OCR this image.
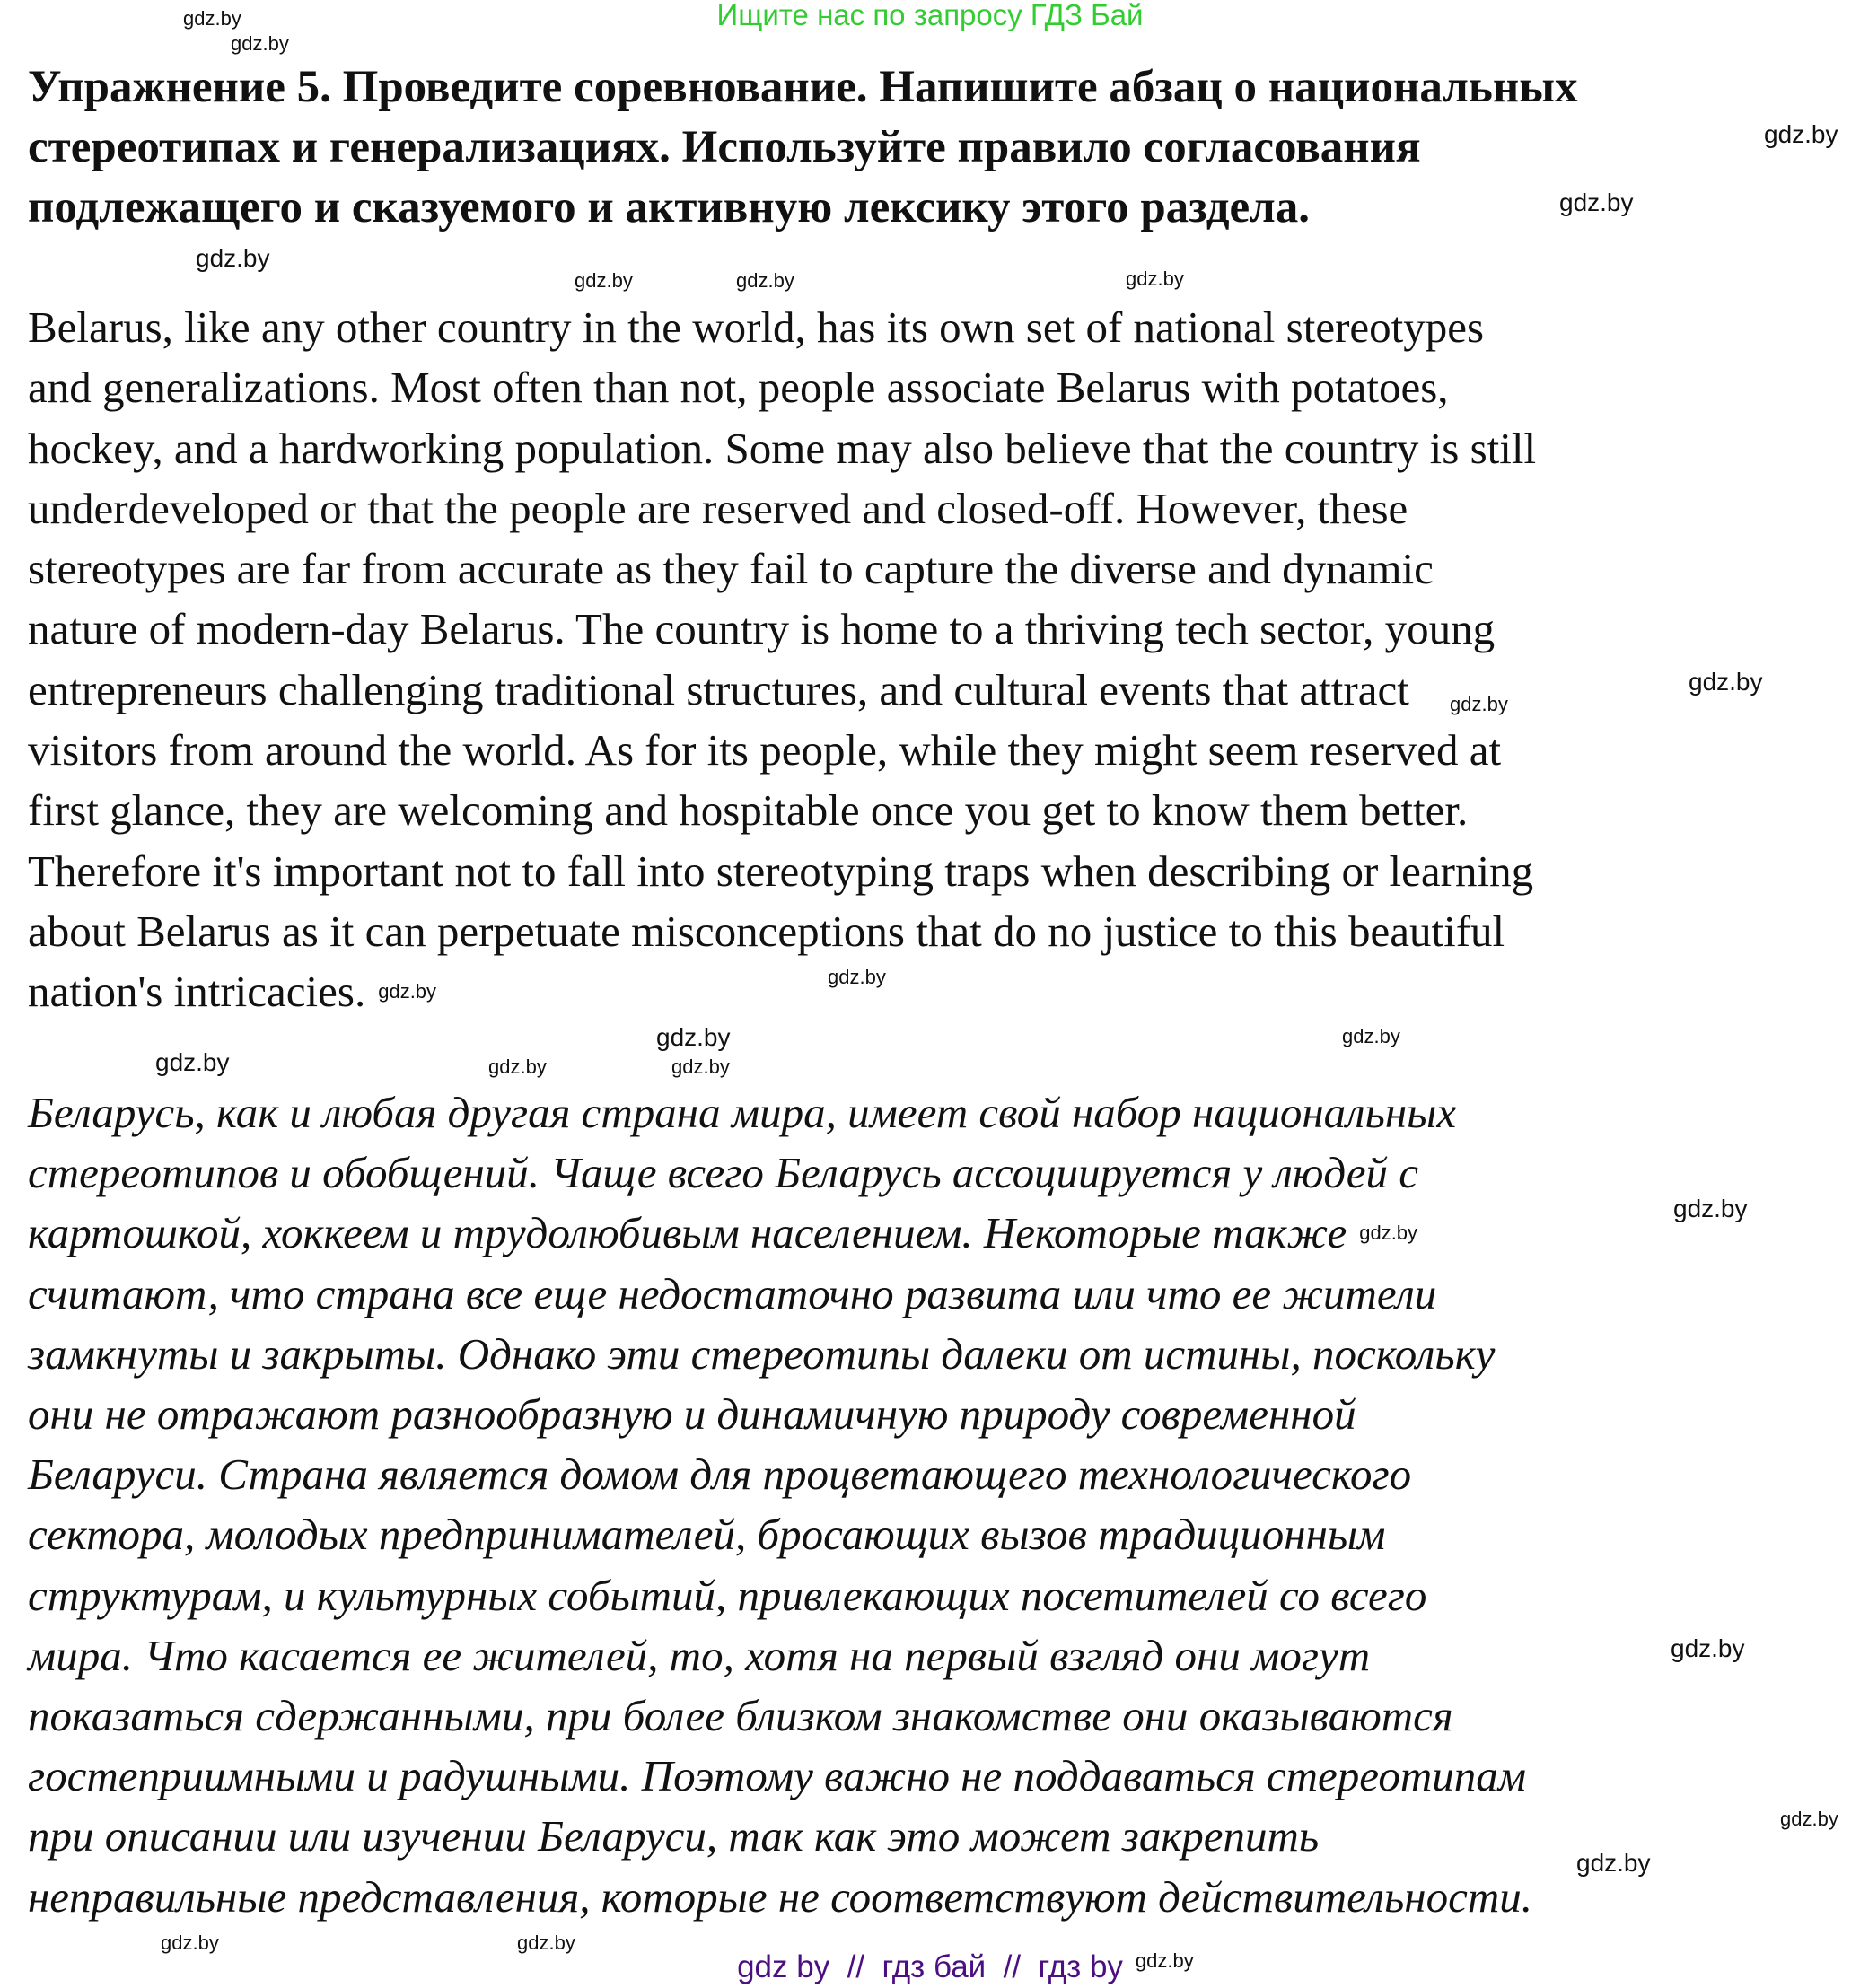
Ищите нас по запросу ГДЗ Бай
Упражнение 5. Проведите соревнование. Напишите абзац о национальных
стереотипах и генерализациях. Используйте правило согласования
подлежащего и сказуемого и активную лексику этого раздела.
Belarus, like any other country in the world, has its own set of national stereotypes
and generalizations. Most often than not, people associate Belarus with potatoes,
hockey, and a hardworking population. Some may also believe that the country is still
underdeveloped or that the people are reserved and closed-off. However, these
stereotypes are far from accurate as they fail to capture the diverse and dynamic
nature of modern-day Belarus. The country is home to a thriving tech sector, young
entrepreneurs challenging traditional structures, and cultural events that attract
visitors from around the world. As for its people, while they might seem reserved at
first glance, they are welcoming and hospitable once you get to know them better.
Therefore it's important not to fall into stereotyping traps when describing or learning
about Belarus as it can perpetuate misconceptions that do no justice to this beautiful
nation's intricacies.
Беларусь, как и любая другая страна мира, имеет свой набор национальных
стереотипов и обобщений. Чаще всего Беларусь ассоциируется у людей с
картошкой, хоккеем и трудолюбивым населением. Некоторые также
считают, что страна все еще недостаточно развита или что ее жители
замкнуты и закрыты. Однако эти стереотипы далеки от истины, поскольку
они не отражают разнообразную и динамичную природу современной
Беларуси. Страна является домом для процветающего технологического
сектора, молодых предпринимателей, бросающих вызов традиционным
структурам, и культурных событий, привлекающих посетителей со всего
мира. Что касается ее жителей, то, хотя на первый взгляд они могут
показаться сдержанными, при более близком знакомстве они оказываются
гостеприимными и радушными. Поэтому важно не поддаваться стереотипам
при описании или изучении Беларуси, так как это может закрепить
неправильные представления, которые не соответствуют действительности.
gdz.by
gdz.by
gdz.by
gdz.by
gdz.by
gdz.by
gdz.by
gdz.by
gdz.by
gdz.by
gdz.by
gdz.by
gdz.by
gdz.by
gdz.by
gdz.by
gdz.by
gdz.by
gdz.by
gdz.by
gdz.by
gdz.by
gdz.by
gdz.by
gdz.by
gdz by  //  гдз бай  //  гдз by
